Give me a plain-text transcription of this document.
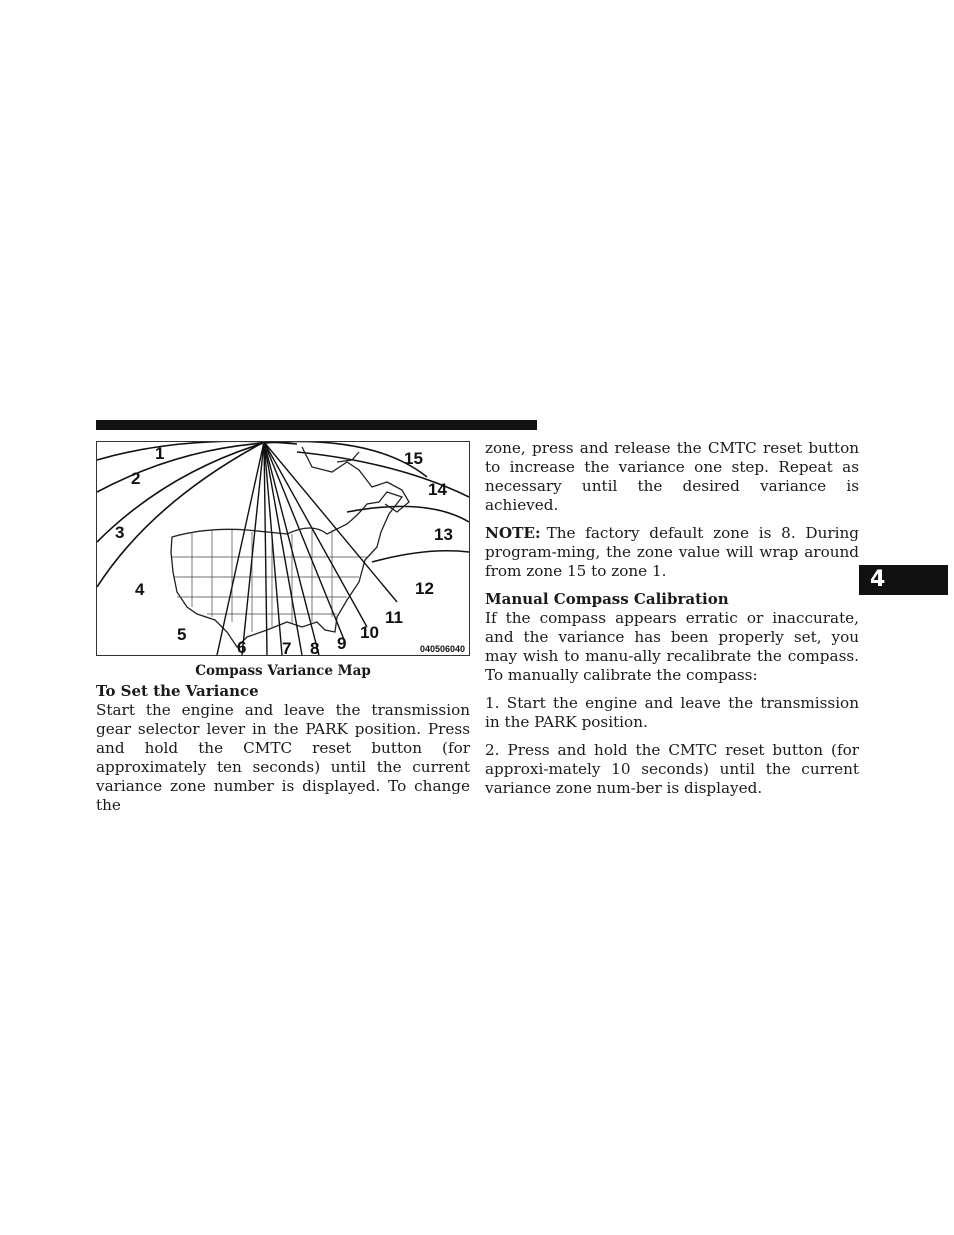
1
2
3
4
5
6 7 8 9
10
11
12
13
14
15
040506040
Compass Variance Map
To Set the Variance

Start the engine and leave the transmission gear selector lever in the PARK position. Press and hold the CMTC reset button (for approximately ten seconds) until the current variance zone number is displayed. To change the

zone, press and release the CMTC reset button to increase the variance one step. Repeat as necessary until the desired variance is achieved.

NOTE: The factory default zone is 8. During program-ming, the zone value will wrap around from zone 15 to zone 1.

Manual Compass Calibration

If the compass appears erratic or inaccurate, and the variance has been properly set, you may wish to manu-ally recalibrate the compass. To manually calibrate the compass:

1. Start the engine and leave the transmission in the PARK position.

2. Press and hold the CMTC reset button (for approxi-mately 10 seconds) until the current variance zone num-ber is displayed.

4
